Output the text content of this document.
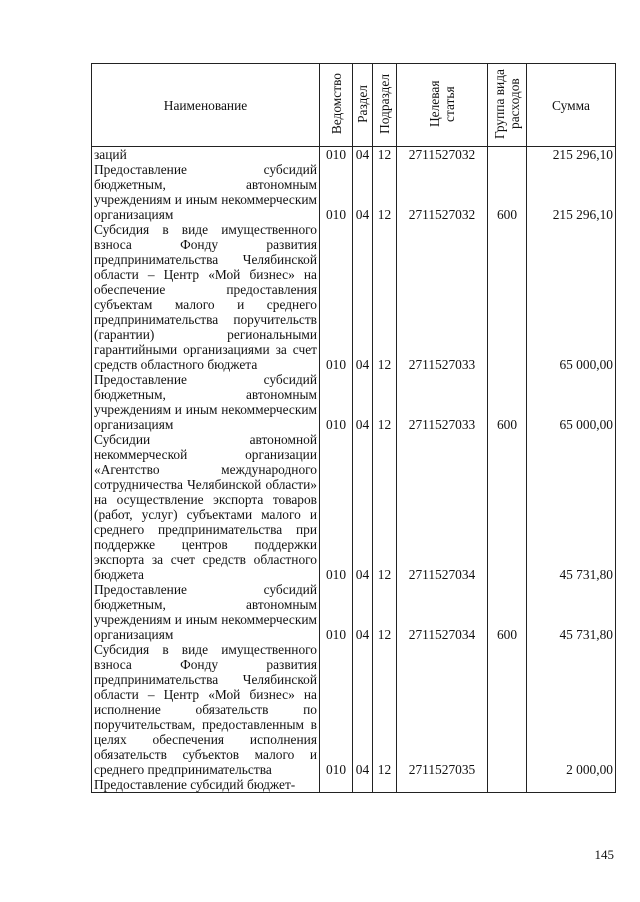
Наименование	Ведомство	Раздел	Подраздел	Целевая статья	Группа вида расходов	Сумма
заций	010	04	12	2711527032		215 296,10
Предоставление субсидий бюджетным, автономным учреждениям и иным некоммерческим организациям	010	04	12	2711527032	600	215 296,10
Субсидия в виде имущественного взноса Фонду развития предпринимательства Челябинской области – Центр «Мой бизнес» на обеспечение предоставления субъектам малого и среднего предпринимательства поручительств (гарантии) региональными гарантийными организациями за счет средств областного бюджета	010	04	12	2711527033		65 000,00
Предоставление субсидий бюджетным, автономным учреждениям и иным некоммерческим организациям	010	04	12	2711527033	600	65 000,00
Субсидии автономной некоммерческой организации «Агентство международного сотрудничества Челябинской области» на осуществление экспорта товаров (работ, услуг) субъектами малого и среднего предпринимательства при поддержке центров поддержки экспорта за счет средств областного бюджета	010	04	12	2711527034		45 731,80
Предоставление субсидий бюджетным, автономным учреждениям и иным некоммерческим организациям	010	04	12	2711527034	600	45 731,80
Субсидия в виде имущественного взноса Фонду развития предпринимательства Челябинской области – Центр «Мой бизнес» на исполнение обязательств по поручительствам, предоставленным в целях обеспечения исполнения обязательств субъектов малого и среднего предпринимательства	010	04	12	2711527035		2 000,00
Предоставление субсидий бюджет-						
145
